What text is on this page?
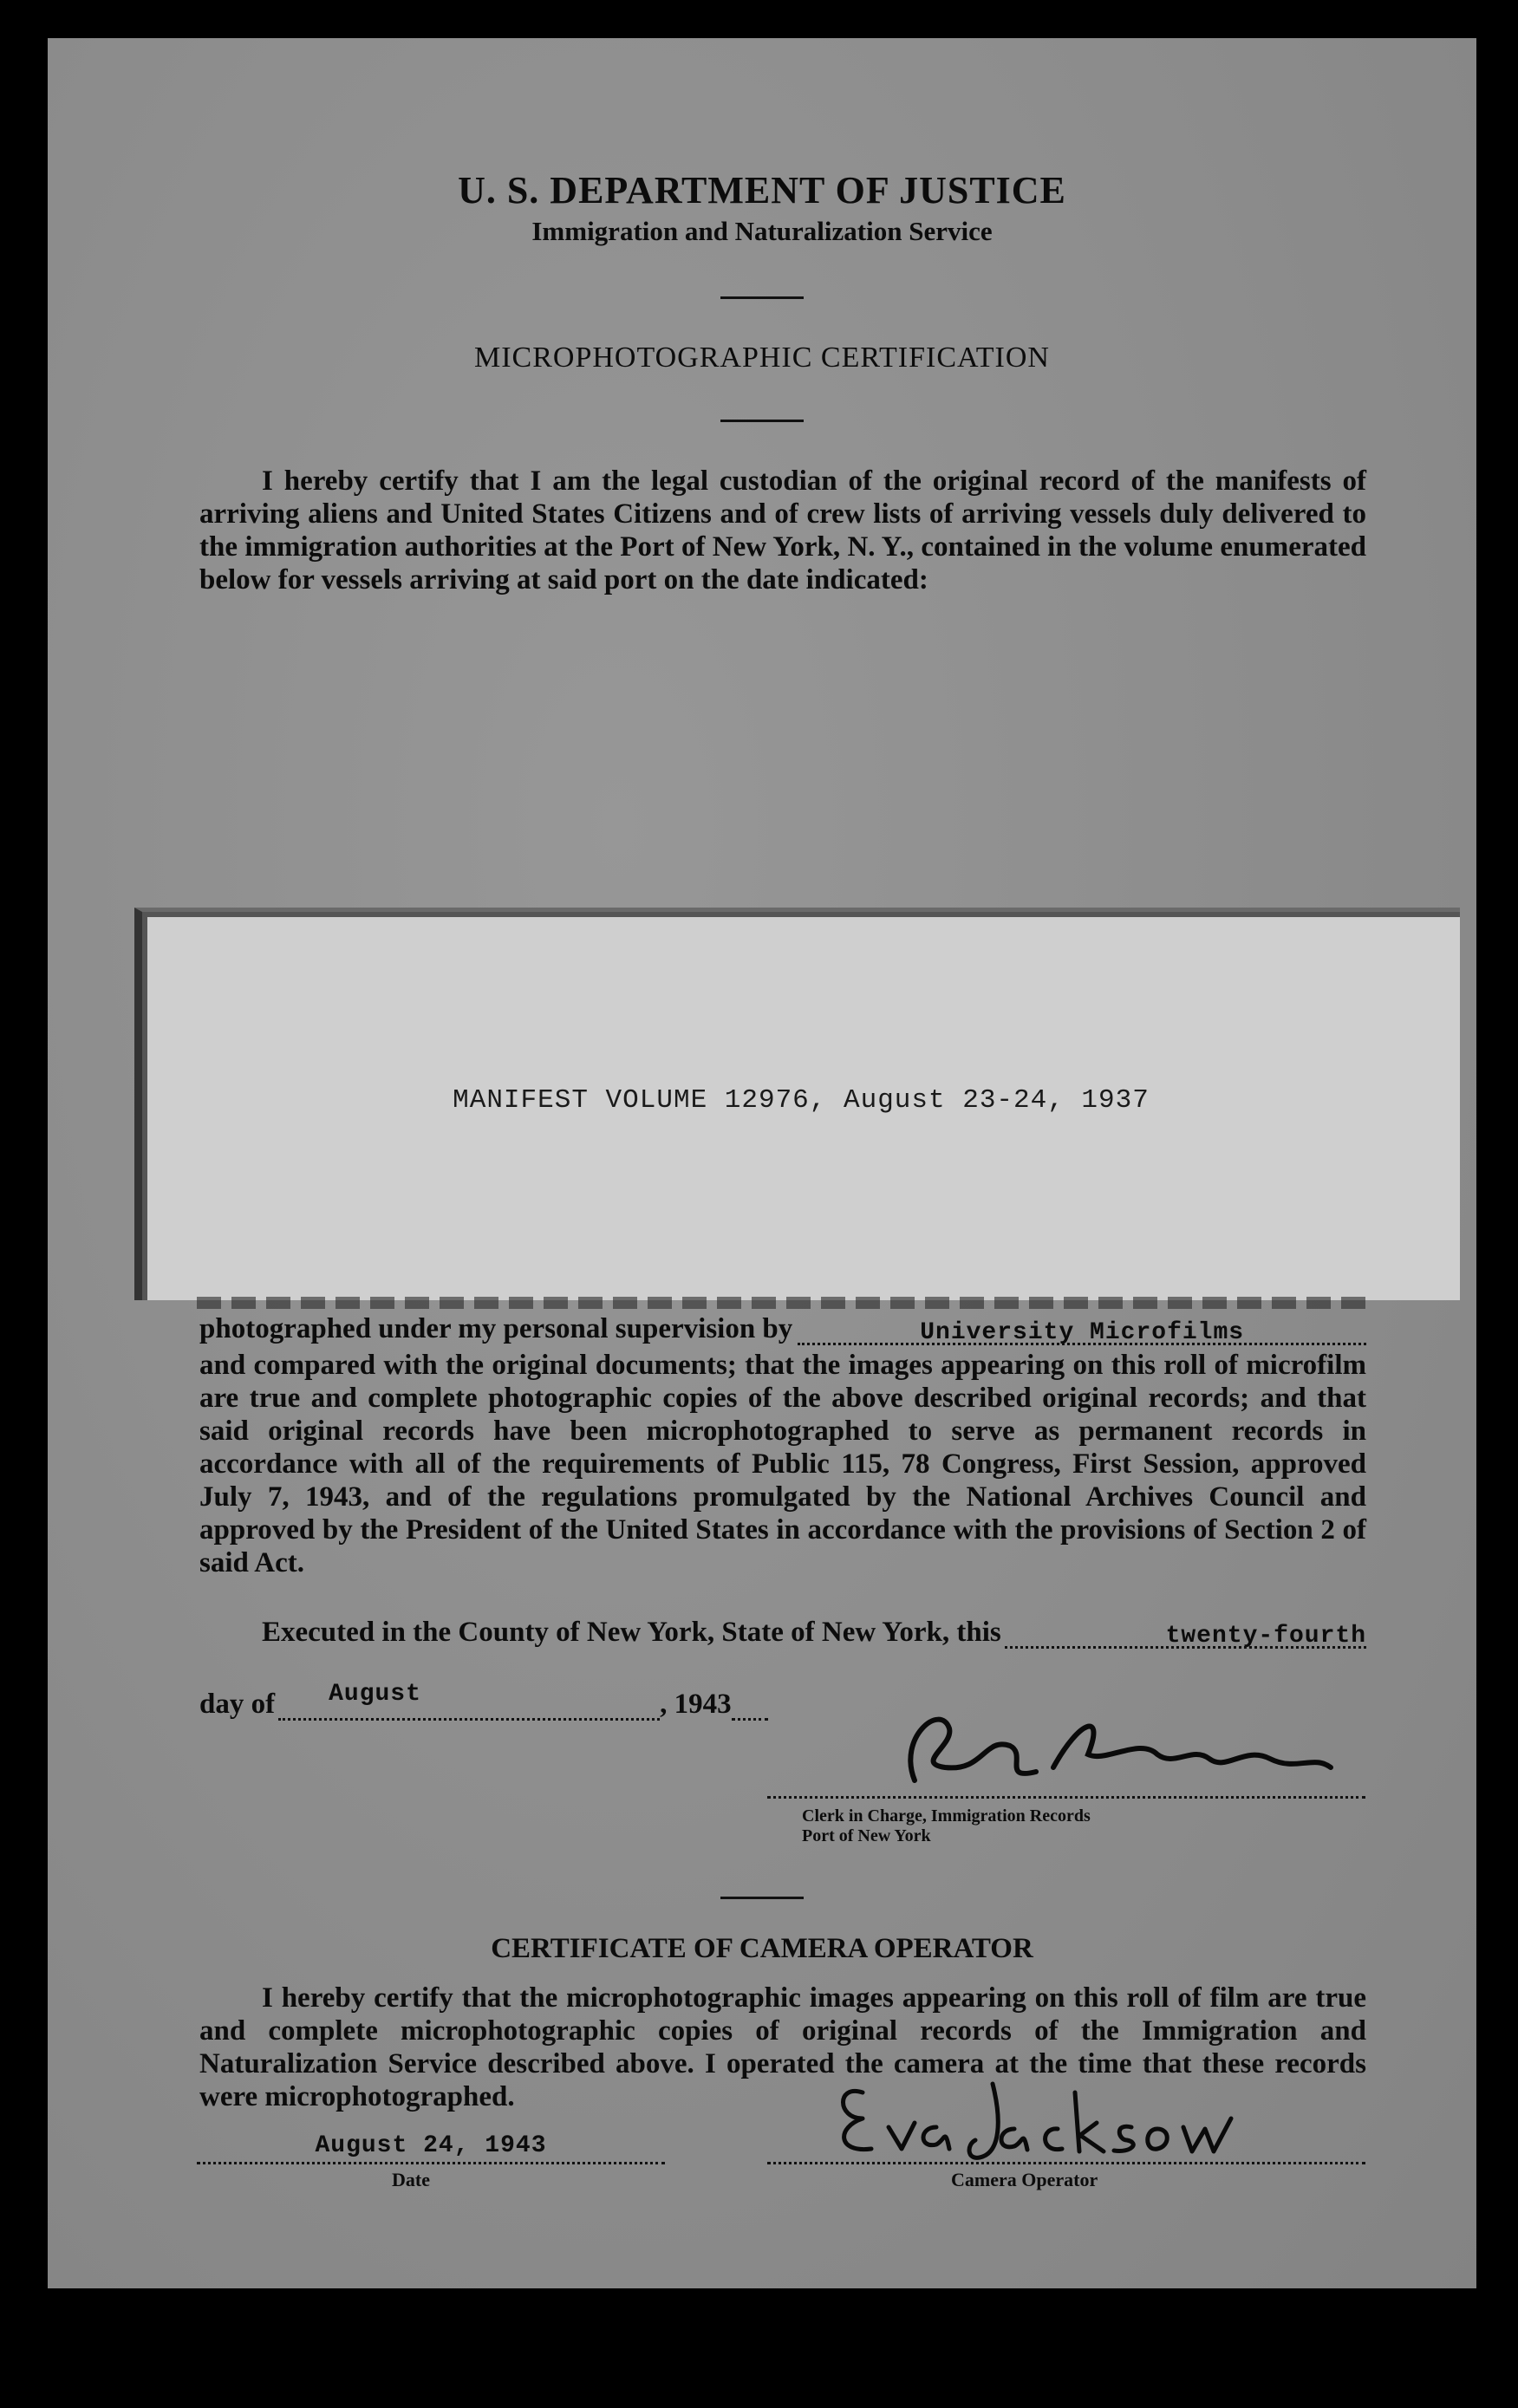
U. S. DEPARTMENT OF JUSTICE
Immigration and Naturalization Service
MICROPHOTOGRAPHIC CERTIFICATION
I hereby certify that I am the legal custodian of the original record of the manifests of arriving aliens and United States Citizens and of crew lists of arriving vessels duly delivered to the immigration authorities at the Port of New York, N. Y., contained in the volume enumerated below for vessels arriving at said port on the date indicated:
MANIFEST VOLUME 12976, August 23-24, 1937
photographed under my personal supervision by	University Microfilms
and compared with the original documents; that the images appearing on this roll of microfilm are true and complete photographic copies of the above described original records; and that said original records have been microphotographed to serve as permanent records in accordance with all of the requirements of Public 115, 78 Congress, First Session, approved July 7, 1943, and of the regulations promulgated by the National Archives Council and approved by the President of the United States in accordance with the provisions of Section 2 of said Act.
Executed in the County of New York, State of New York, this	twenty-fourth
day of	$^{August}$	, 1943
Clerk in Charge, Immigration Records
Port of New York
CERTIFICATE OF CAMERA OPERATOR
I hereby certify that the microphotographic images appearing on this roll of film are true and complete microphotographic copies of original records of the Immigration and Naturalization Service described above. I operated the camera at the time that these records were microphotographed.
August 24, 1943
Date	Camera Operator
